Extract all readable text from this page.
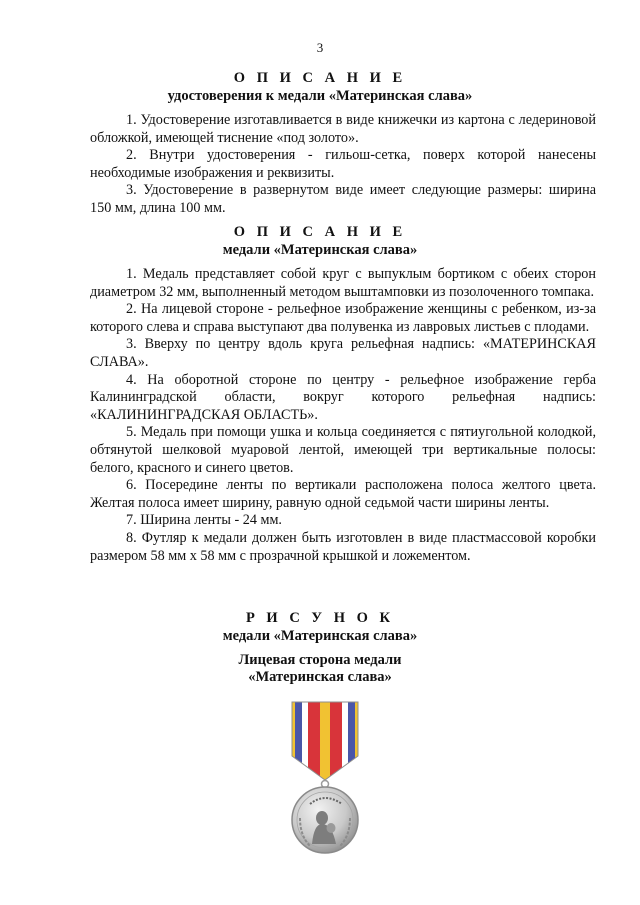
3
О П И С А Н И Е
удостоверения к медали «Материнская слава»

1. Удостоверение изготавливается в виде книжечки из картона с ледериновой обложкой, имеющей тиснение «под золото».

2. Внутри удостоверения - гильош-сетка, поверх которой нанесены необходимые изображения и реквизиты.

3. Удостоверение в развернутом виде имеет следующие размеры: ширина 150 мм, длина 100 мм.

О П И С А Н И Е
медали «Материнская слава»

1. Медаль представляет собой круг с выпуклым бортиком с обеих сторон диаметром 32 мм, выполненный методом выштамповки из позолоченного томпака.

2. На лицевой стороне - рельефное изображение женщины с ребенком, из-за которого слева и справа выступают два полувенка из лавровых листьев с плодами.

3. Вверху по центру вдоль круга рельефная надпись: «МАТЕРИНСКАЯ СЛАВА».

4. На оборотной стороне по центру - рельефное изображение герба Калининградской области, вокруг которого рельефная надпись: «КАЛИНИНГРАДСКАЯ ОБЛАСТЬ».

5. Медаль при помощи ушка и кольца соединяется с пятиугольной колодкой, обтянутой шелковой муаровой лентой, имеющей три вертикальные полосы: белого, красного и синего цветов.

6. Посередине ленты по вертикали расположена полоса желтого цвета. Желтая полоса имеет ширину, равную одной седьмой части ширины ленты.

7. Ширина ленты - 24 мм.

8. Футляр к медали должен быть изготовлен в виде пластмассовой коробки размером 58 мм х 58 мм с прозрачной крышкой и ложементом.

Р И С У Н О К
медали «Материнская слава»
Лицевая сторона медали
«Материнская слава»
